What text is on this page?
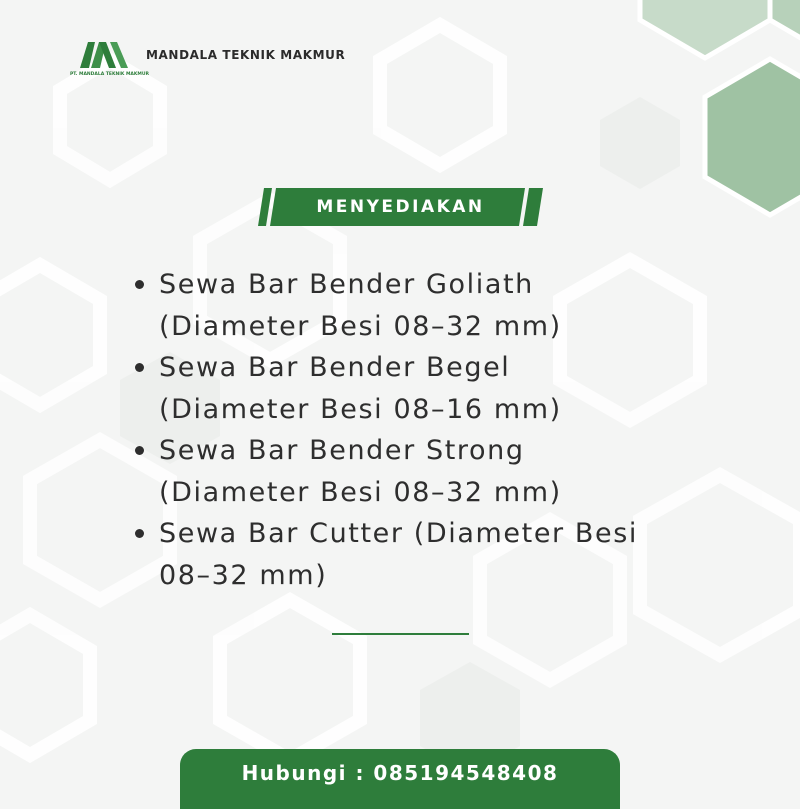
PT. MANDALA TEKNIK MAKMUR
MANDALA TEKNIK MAKMUR
MENYEDIAKAN
Sewa Bar Bender Goliath (Diameter Besi 08–32 mm)
Sewa Bar Bender Begel (Diameter Besi 08–16 mm)
Sewa Bar Bender Strong (Diameter Besi 08–32 mm)
Sewa Bar Cutter (Diameter Besi 08–32 mm)
Hubungi : 085194548408
